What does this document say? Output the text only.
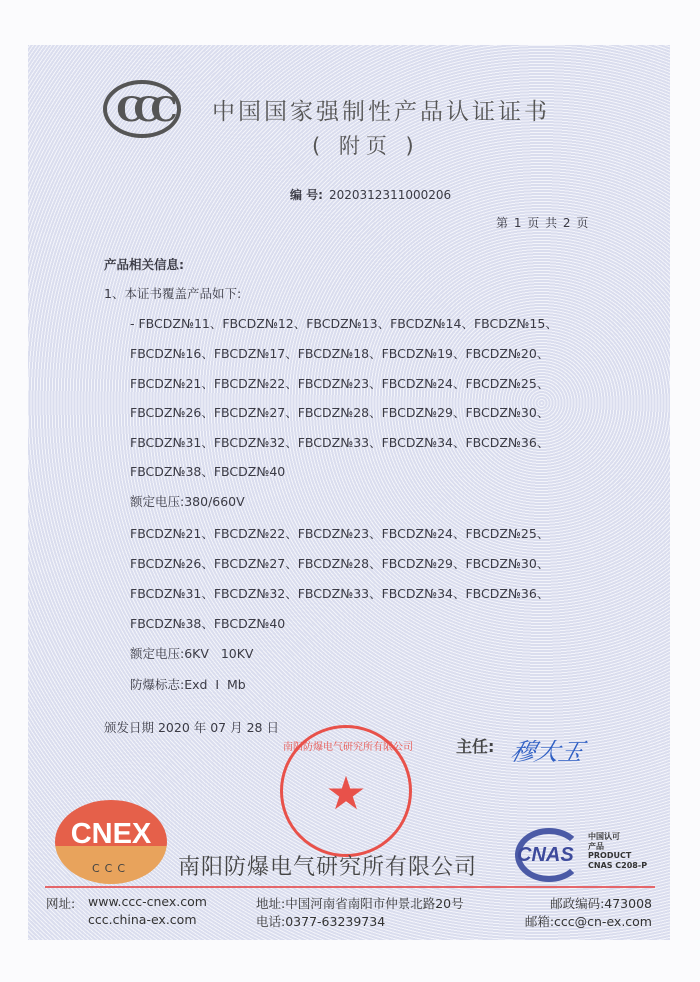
CCC	中国国家强制性产品认证证书
( 附页 )
编 号: 2020312311000206
第 1 页 共 2 页
产品相关信息:
1、本证书覆盖产品如下:
- FBCDZ№11、FBCDZ№12、FBCDZ№13、FBCDZ№14、FBCDZ№15、
FBCDZ№16、FBCDZ№17、FBCDZ№18、FBCDZ№19、FBCDZ№20、
FBCDZ№21、FBCDZ№22、FBCDZ№23、FBCDZ№24、FBCDZ№25、
FBCDZ№26、FBCDZ№27、FBCDZ№28、FBCDZ№29、FBCDZ№30、
FBCDZ№31、FBCDZ№32、FBCDZ№33、FBCDZ№34、FBCDZ№36、
FBCDZ№38、FBCDZ№40
额定电压:380/660V
FBCDZ№21、FBCDZ№22、FBCDZ№23、FBCDZ№24、FBCDZ№25、
FBCDZ№26、FBCDZ№27、FBCDZ№28、FBCDZ№29、FBCDZ№30、
FBCDZ№31、FBCDZ№32、FBCDZ№33、FBCDZ№34、FBCDZ№36、
FBCDZ№38、FBCDZ№40
额定电压:6KV   10KV
防爆标志:Exd  I  Mb
颁发日期 2020 年 07 月 28 日
主任: 穆大玉
南阳防爆电气研究所有限公司
★
CNEX
CCC	南阳防爆电气研究所有限公司 CNAS
中国认可
产品
PRODUCT
CNAS C208-P
网址: www.ccc-cnex.com
ccc.china-ex.com
地址:中国河南省南阳市仲景北路20号
电话:0377-63239734
邮政编码:473008
邮箱:ccc@cn-ex.com
